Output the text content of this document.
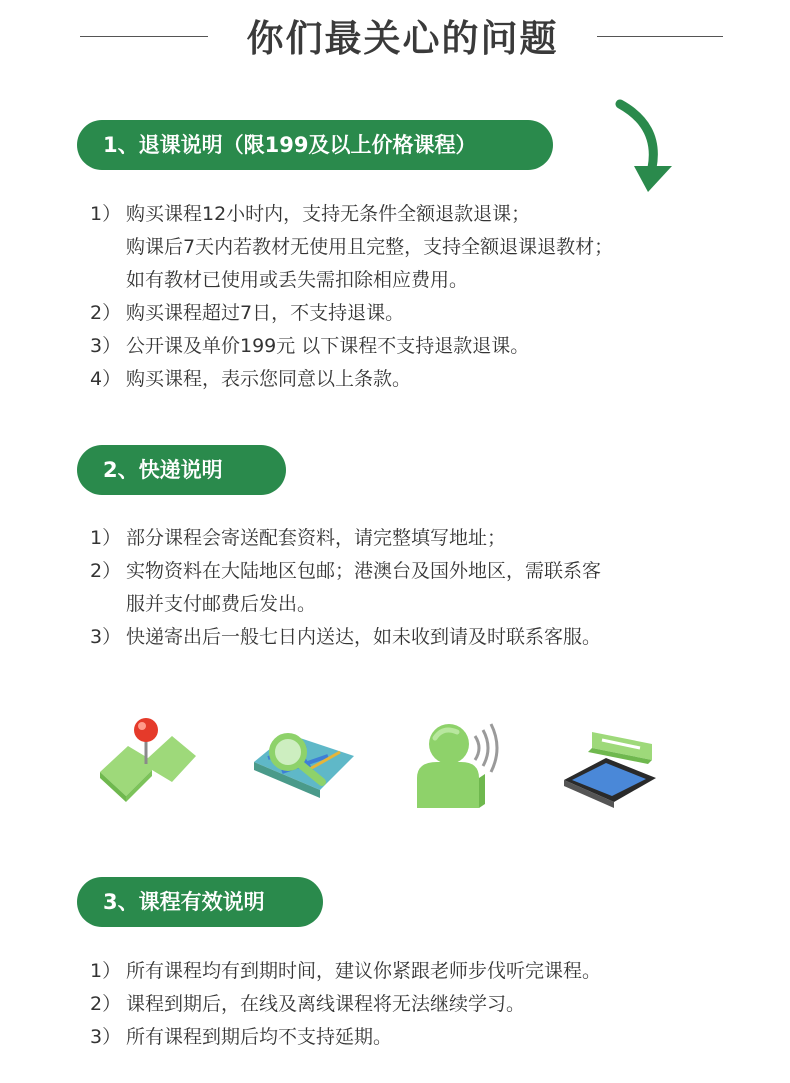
你们最关心的问题
1、退课说明（限199及以上价格课程）
1） 购买课程12小时内，支持无条件全额退款退课；
购课后7天内若教材无使用且完整，支持全额退课退教材；
如有教材已使用或丢失需扣除相应费用。
2） 购买课程超过7日，不支持退课。
3） 公开课及单价199元 以下课程不支持退款退课。
4） 购买课程，表示您同意以上条款。
2、快递说明
1） 部分课程会寄送配套资料，请完整填写地址；
2） 实物资料在大陆地区包邮；港澳台及国外地区，需联系客
服并支付邮费后发出。
3） 快递寄出后一般七日内送达，如未收到请及时联系客服。
3、课程有效说明
1） 所有课程均有到期时间，建议你紧跟老师步伐听完课程。
2） 课程到期后，在线及离线课程将无法继续学习。
3） 所有课程到期后均不支持延期。
